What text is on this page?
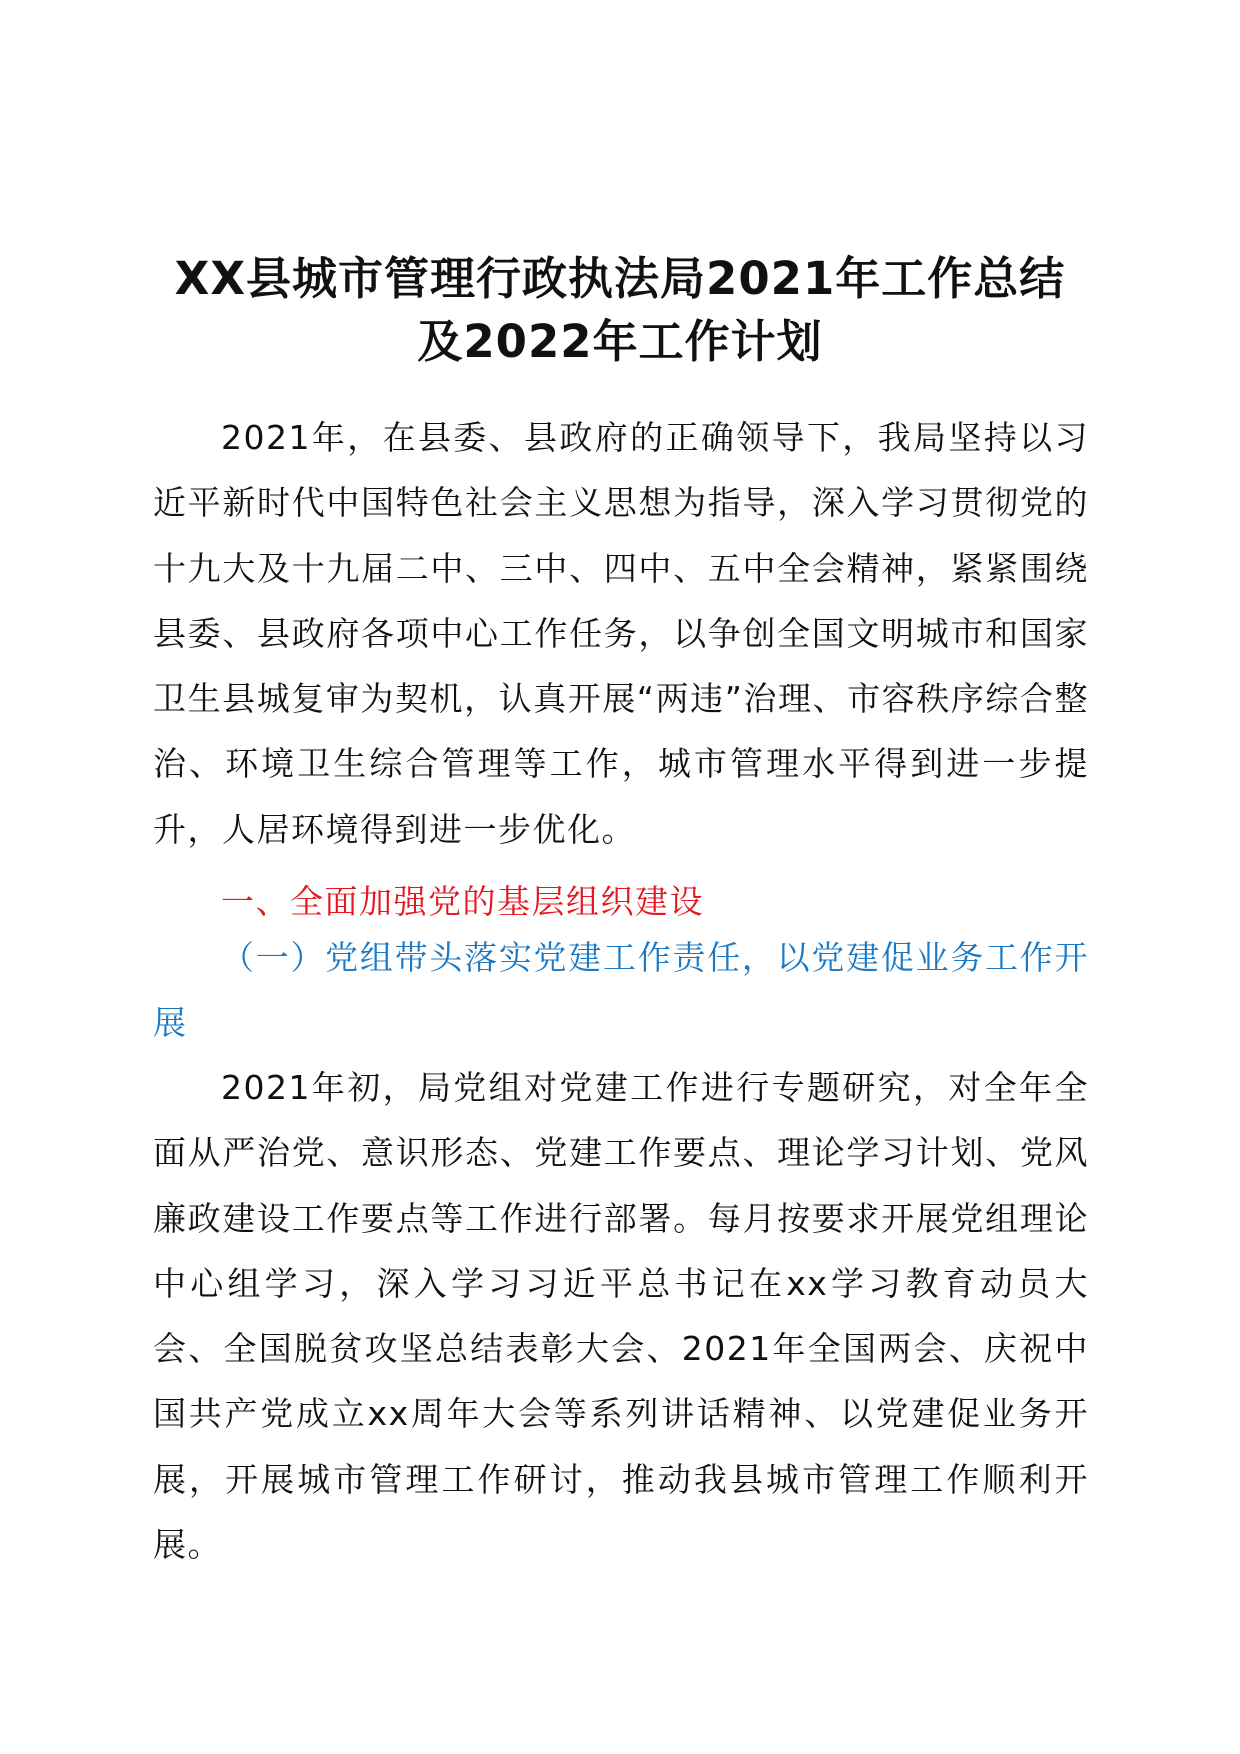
XX县城市管理行政执法局2021年工作总结
及2022年工作计划

2021年，在县委、县政府的正确领导下，我局坚持以习近平新时代中国特色社会主义思想为指导，深入学习贯彻党的十九大及十九届二中、三中、四中、五中全会精神，紧紧围绕县委、县政府各项中心工作任务，以争创全国文明城市和国家卫生县城复审为契机，认真开展“两违”治理、市容秩序综合整治、环境卫生综合管理等工作，城市管理水平得到进一步提升，人居环境得到进一步优化。

一、全面加强党的基层组织建设
（一）党组带头落实党建工作责任，以党建促业务工作开展

2021年初，局党组对党建工作进行专题研究，对全年全面从严治党、意识形态、党建工作要点、理论学习计划、党风廉政建设工作要点等工作进行部署。每月按要求开展党组理论中心组学习，深入学习习近平总书记在xx学习教育动员大会、全国脱贫攻坚总结表彰大会、2021年全国两会、庆祝中国共产党成立xx周年大会等系列讲话精神、以党建促业务开展，开展城市管理工作研讨，推动我县城市管理工作顺利开展。
